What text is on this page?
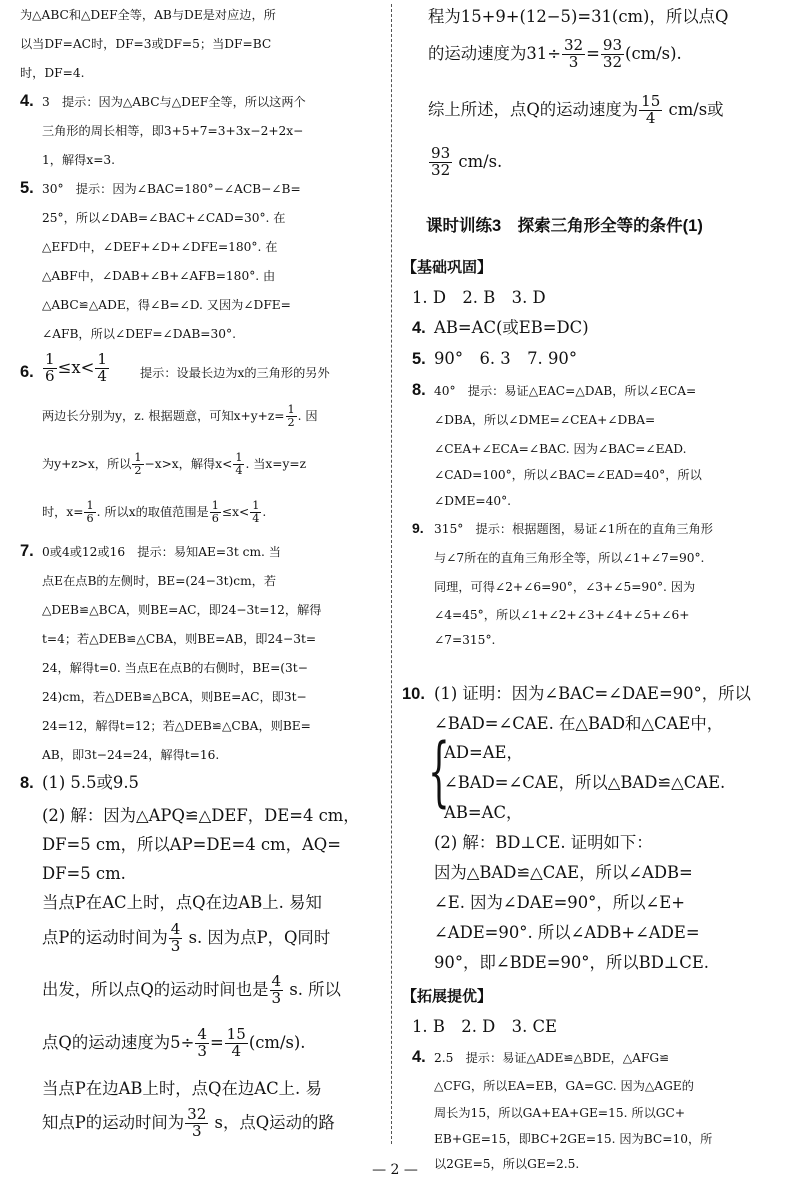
为△ABC和△DEF全等，AB与DE是对应边，所
以当DF=AC时，DF=3或DF=5；当DF=BC
时，DF=4.
4. 3　提示：因为△ABC与△DEF全等，所以这两个
三角形的周长相等，即3+5+7=3+3x−2+2x−
1，解得x=3.
5. 30°　提示：因为∠BAC=180°−∠ACB−∠B=
25°，所以∠DAB=∠BAC+∠CAD=30°. 在
△EFD中，∠DEF+∠D+∠DFE=180°. 在
△ABF中，∠DAB+∠B+∠AFB=180°. 由
△ABC≌△ADE，得∠B=∠D. 又因为∠DFE=
∠AFB，所以∠DEF=∠DAB=30°.
6. $\frac{1}{6} \le x< \frac{1}{4}$	提示：设最长边为x的三角形的另外
两边长分别为y，z. 根据题意，可知$x+y+z= \frac{1}{2}$ . 因
为y+z>x，所以 $\frac{1}{2} -x>x$，解得$x< \frac{1}{4}$ . 当x=y=z
时，$x= \frac{1}{6}$ . 所以x的取值范围是 $\frac{1}{6} \le x< \frac{1}{4}$ .
7. 0或4或12或16　提示：易知AE=3t cm. 当
点E在点B的左侧时，BE=(24−3t)cm，若
△DEB≌△BCA，则BE=AC，即24−3t=12，解得
t=4；若△DEB≌△CBA，则BE=AB，即24−3t=
24，解得t=0. 当点E在点B的右侧时，BE=(3t−
24)cm，若△DEB≌△BCA，则BE=AC，即3t−
24=12，解得t=12；若△DEB≌△CBA，则BE=
AB，即3t−24=24，解得t=16.
8. (1) 5.5或9.5
(2) 解：因为△APQ≌△DEF，DE=4 cm，
DF=5 cm，所以AP=DE=4 cm，AQ=
DF=5 cm.
当点P在AC上时，点Q在边AB上. 易知
点P的运动时间为 $\frac{4}{3} s$. 因为点P，Q同时
出发，所以点Q的运动时间也是 $\frac{4}{3} s$. 所以
点Q的运动速度为$5\div \frac{4}{3} = \frac{15}{4} (cm/s)$.
当点P在边AB上时，点Q在边AC上. 易
知点P的运动时间为 $\frac{32}{3}$ s，点Q运动的路
程为15+9+(12−5)=31(cm)，所以点Q
的运动速度为$31\div \frac{32}{3} = \frac{93}{32} (cm/s)$.
综上所述，点Q的运动速度为 $\frac{15}{4} cm/s$或
$\frac{93}{32} cm/s$.
课时训练3　探索三角形全等的条件(1)
【基础巩固】
1. D　2. B　3. D
4. AB=AC(或EB=DC)
5. 90°　6. 3　7. 90°
8. 40°　提示：易证△EAC=△DAB，所以∠ECA=
∠DBA，所以∠DME=∠CEA+∠DBA=
∠CEA+∠ECA=∠BAC. 因为∠BAC=∠EAD.
∠CAD=100°，所以∠BAC=∠EAD=40°，所以
∠DME=40°.
9. 315°　提示：根据题图，易证∠1所在的直角三角形
与∠7所在的直角三角形全等，所以∠1+∠7=90°.
同理，可得∠2+∠6=90°，∠3+∠5=90°. 因为
∠4=45°，所以∠1+∠2+∠3+∠4+∠5+∠6+
∠7=315°.
10. (1) 证明：因为∠BAC=∠DAE=90°，所以
∠BAD=∠CAE. 在△BAD和△CAE中，
{
AD=AE，
∠BAD=∠CAE，所以△BAD≌△CAE.
AB=AC，
(2) 解：BD⊥CE. 证明如下：
因为△BAD≌△CAE，所以∠ADB=
∠E. 因为∠DAE=90°，所以∠E+
∠ADE=90°. 所以∠ADB+∠ADE=
90°，即∠BDE=90°，所以BD⊥CE.
【拓展提优】
1. B　2. D　3. CE
4. 2.5　提示：易证△ADE≌△BDE，△AFG≌
△CFG，所以EA=EB，GA=GC. 因为△AGE的
周长为15，所以GA+EA+GE=15. 所以GC+
EB+GE=15，即BC+2GE=15. 因为BC=10，所
以2GE=5，所以GE=2.5.
— 2 —
